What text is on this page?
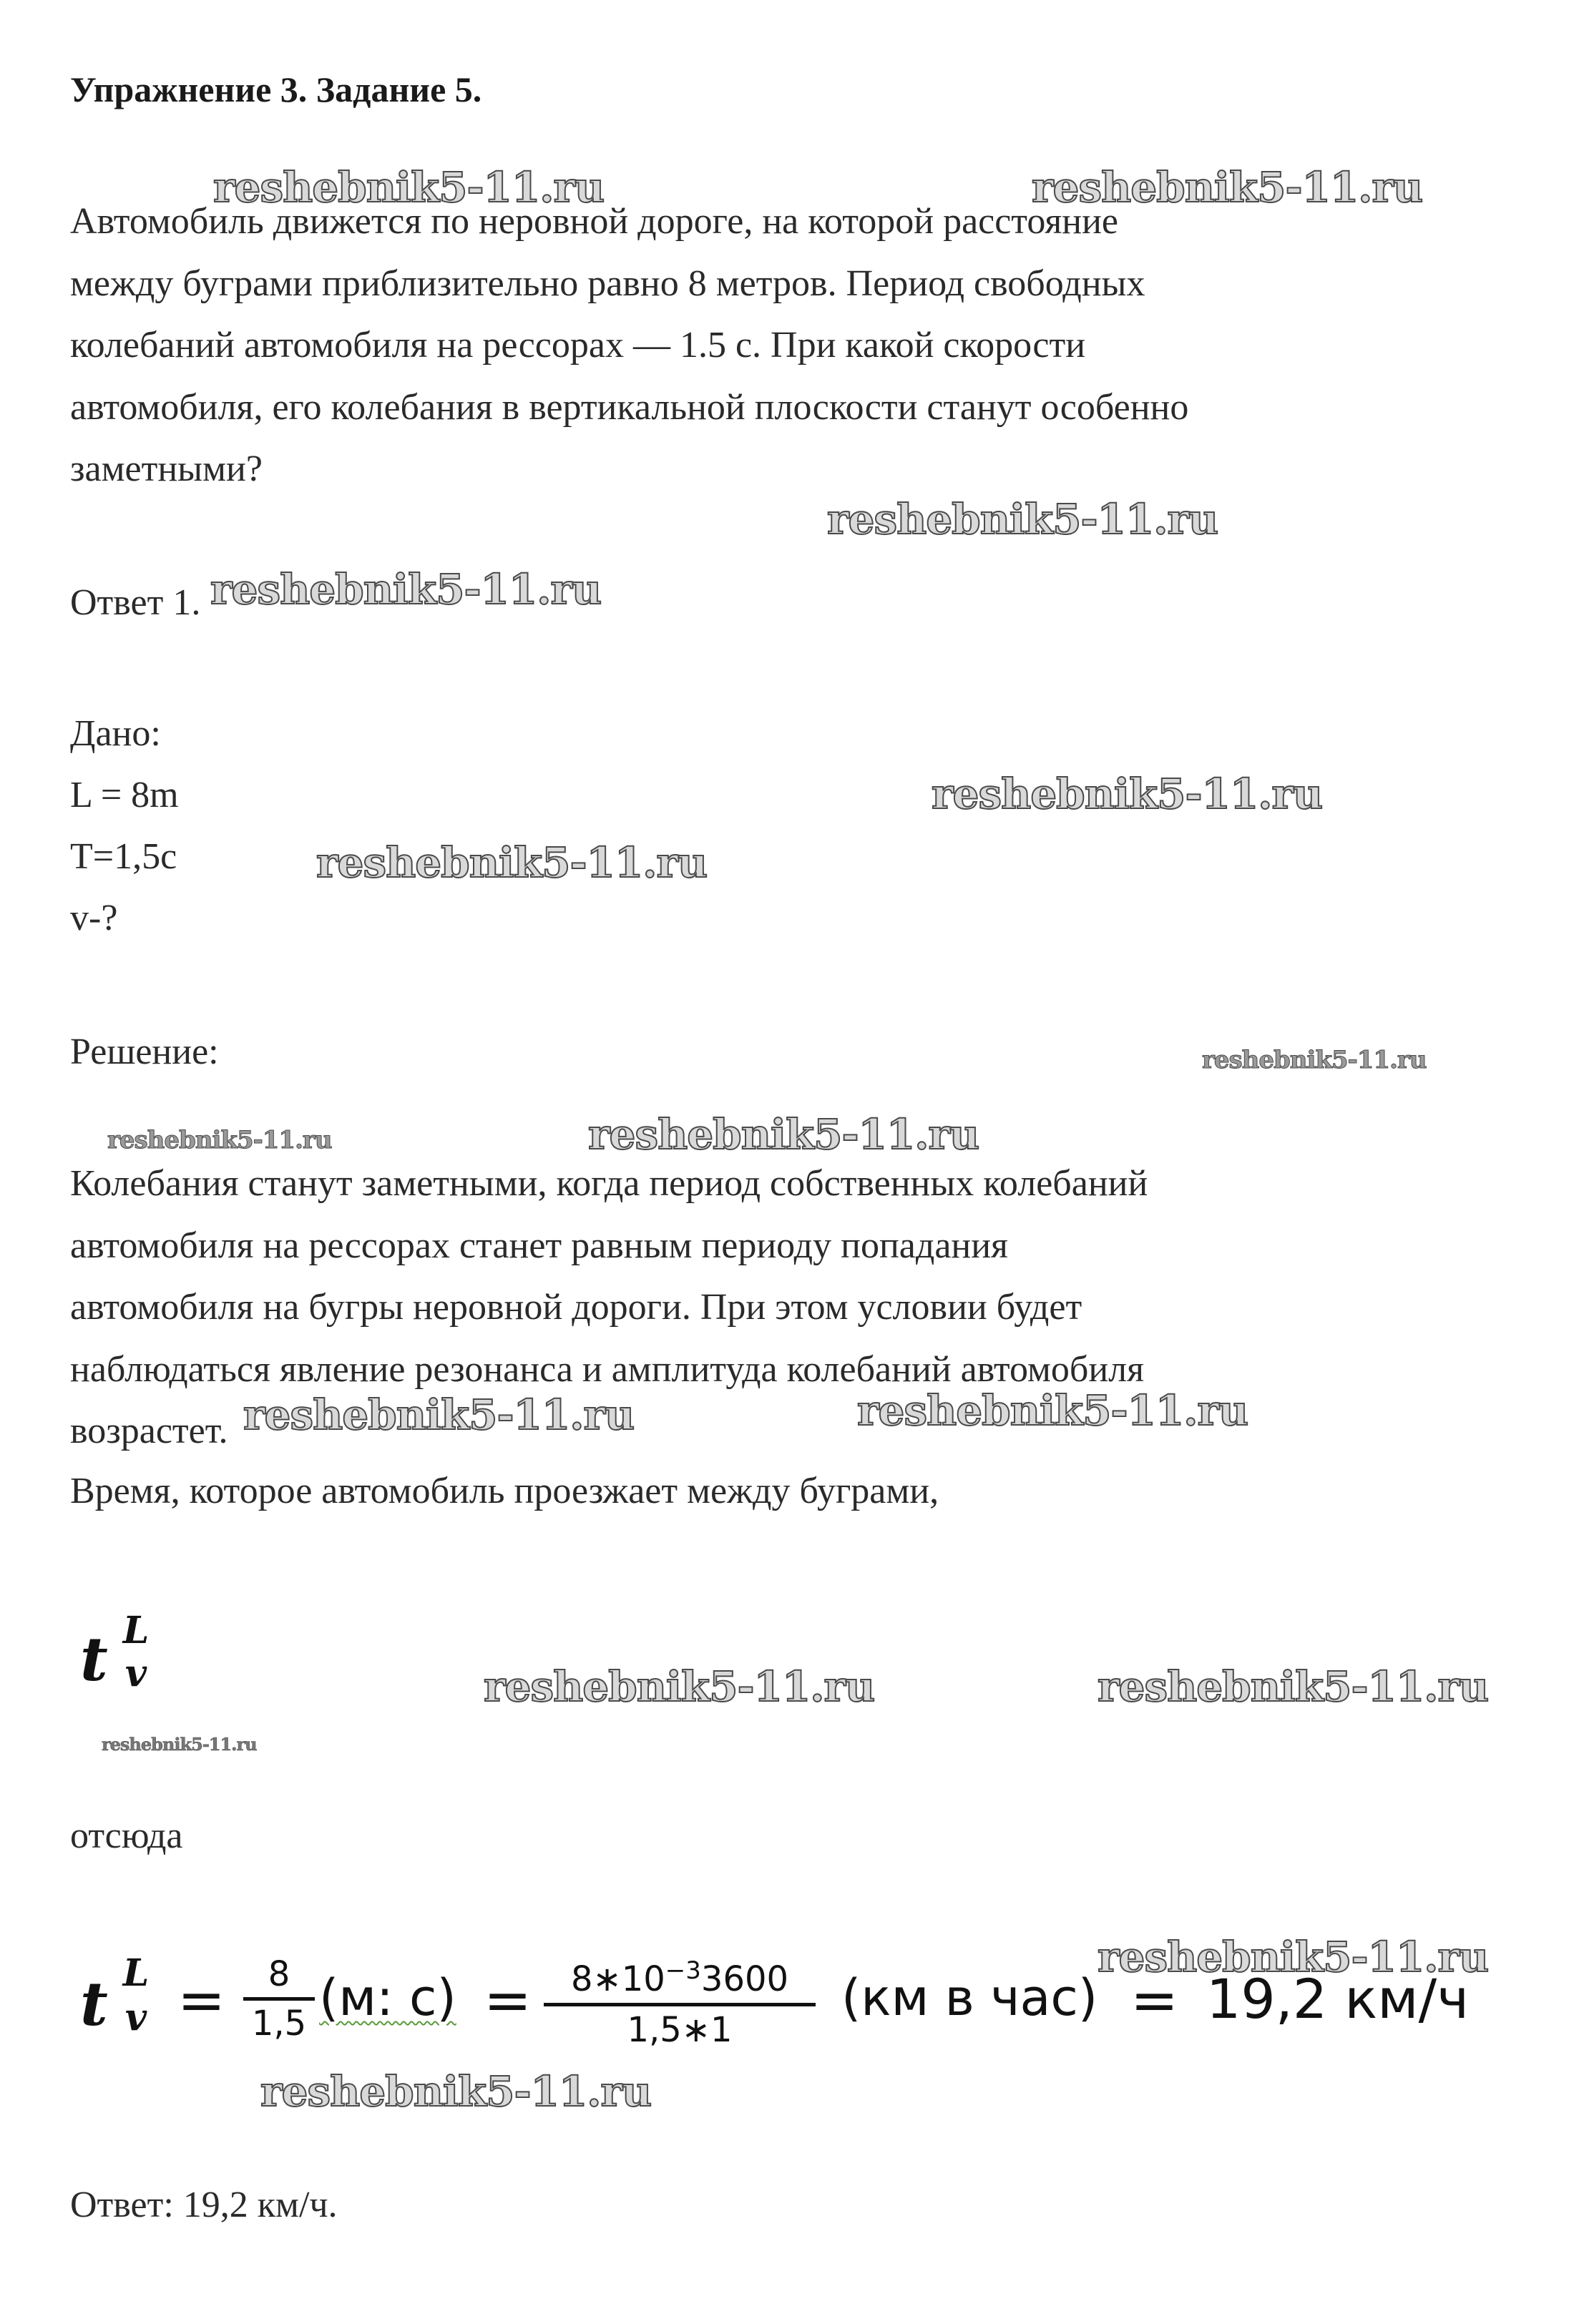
Упражнение 3. Задание 5.
Автомобиль движется по неровной дороге, на которой расстояние
между буграми приблизительно равно 8 метров. Период свободных
колебаний автомобиля на рессорах — 1.5 с. При какой скорости
автомобиля, его колебания в вертикальной плоскости станут особенно
заметными?
Ответ 1.
Дано:
L = 8m
T=1,5c
v-?
Решение:
Колебания станут заметными, когда период собственных колебаний
автомобиля на рессорах станет равным периоду попадания
автомобиля на бугры неровной дороги. При этом условии будет
наблюдаться явление резонанса и амплитуда колебаний автомобиля
возрастет.
Время, которое автомобиль проезжает между буграми,
t L
v
отсюда
t L
v =	8
1,5 (м: с) =	$8∗10^{-3}3600$
1,5∗1
(км в час) = 19,2 км/ч
Ответ: 19,2 км/ч.
reshebnik5-11.ru	reshebnik5-11.ru
reshebnik5-11.ru
reshebnik5-11.ru
reshebnik5-11.ru
reshebnik5-11.ru
reshebnik5-11.ru
reshebnik5-11.ru	reshebnik5-11.ru
reshebnik5-11.ru	reshebnik5-11.ru
reshebnik5-11.ru	reshebnik5-11.ru
reshebnik5-11.ru
reshebnik5-11.ru
reshebnik5-11.ru
